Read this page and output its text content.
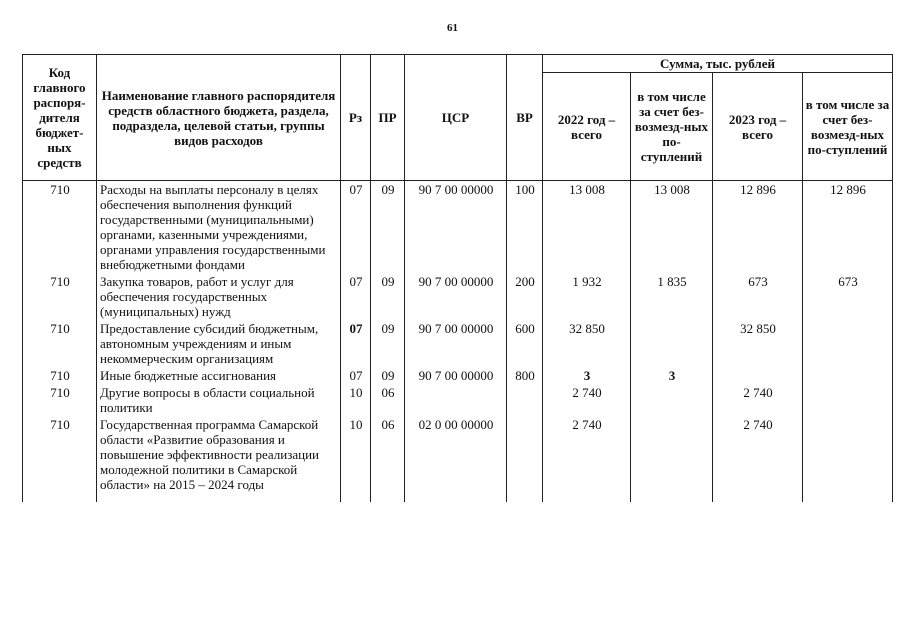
61
Код главного распоря-дителя бюджет-ных средств	Наименование главного распорядителя средств областного бюджета, раздела, подраздела, целевой статьи, группы видов расходов	Рз	ПР	ЦСР	ВР	Сумма, тыс. рублей			
						2022 год – всего	в том числе за счет без-возмезд-ных по-ступлений	2023 год – всего	в том числе за счет без-возмезд-ных по-ступлений
710	Расходы на выплаты персоналу в целях обеспечения выполнения функций государственными (муниципальными) органами, казенными учреждениями, органами управления государственными внебюджетными фондами	07	09	90 7 00 00000	100	13 008	13 008	12 896	12 896
710	Закупка товаров, работ и услуг для обеспечения государственных (муниципальных) нужд	07	09	90 7 00 00000	200	1 932	1 835	673	673
710	Предоставление субсидий бюджетным, автономным учреждениям и иным некоммерческим организациям	07	09	90 7 00 00000	600	32 850		32 850	
710	Иные бюджетные ассигнования	07	09	90 7 00 00000	800	3	3		
710	Другие вопросы в области социальной политики	10	06			2 740		2 740	
710	Государственная программа Самарской области «Развитие образования и повышение эффективности реализации молодежной политики в Самарской области» на 2015 – 2024 годы	10	06	02 0 00 00000		2 740		2 740	
